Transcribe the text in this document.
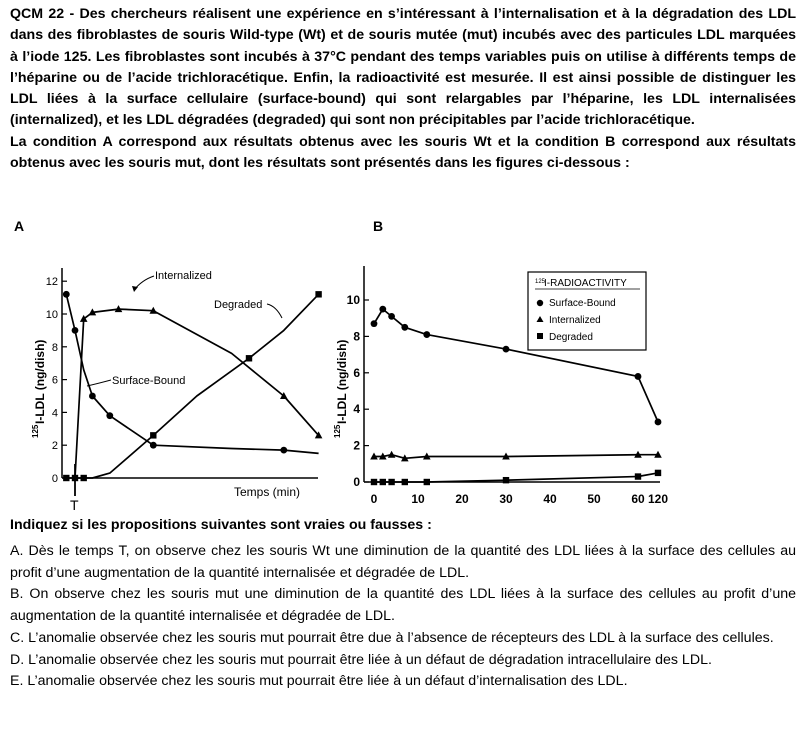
QCM 22 - Des chercheurs réalisent une expérience en s’intéressant à l’internalisation et à la dégradation des LDL dans des fibroblastes de souris Wild-type (Wt) et de souris mutée (mut) incubés avec des particules LDL marquées à l’iode 125. Les fibroblastes sont incubés à 37°C pendant des temps variables puis on utilise à différents temps de l’héparine ou de l’acide trichloracétique. Enfin, la radioactivité est mesurée. Il est ainsi possible de distinguer les LDL liées à la surface cellulaire (surface-bound) qui sont relargables par l’héparine, les LDL internalisées (internalized), et les LDL dégradées (degraded) qui sont non précipitables par l’acide trichloracétique.

La condition A correspond aux résultats obtenus avec les souris Wt et la condition B correspond aux résultats obtenus avec les souris mut, dont les résultats sont présentés dans les figures ci-dessous :

A	B
12
10
8
6
4
2
0
125
I-LDL (ng/dish)
Temps (min)
T
Internalized
Degraded
Surface-Bound
10
8
6
4
2
0
0	10	20	30	40	50	60 120
125
I-LDL (ng/dish)
125
I-RADIOACTIVITY
Surface-Bound
Internalized
Degraded
Indiquez si les propositions suivantes sont vraies ou fausses :

A. Dès le temps T, on observe chez les souris Wt une diminution de la quantité des LDL liées à la surface des cellules au profit d’une augmentation de la quantité internalisée et dégradée de LDL.

B. On observe chez les souris mut une diminution de la quantité des LDL liées à la surface des cellules au profit d’une augmentation de la quantité internalisée et dégradée de LDL.

C. L’anomalie observée chez les souris mut pourrait être due à l’absence de récepteurs des LDL à la surface des cellules.

D. L’anomalie observée chez les souris mut pourrait être liée à un défaut de dégradation intracellulaire des LDL.

E. L’anomalie observée chez les souris mut pourrait être liée à un défaut d’internalisation des LDL.
